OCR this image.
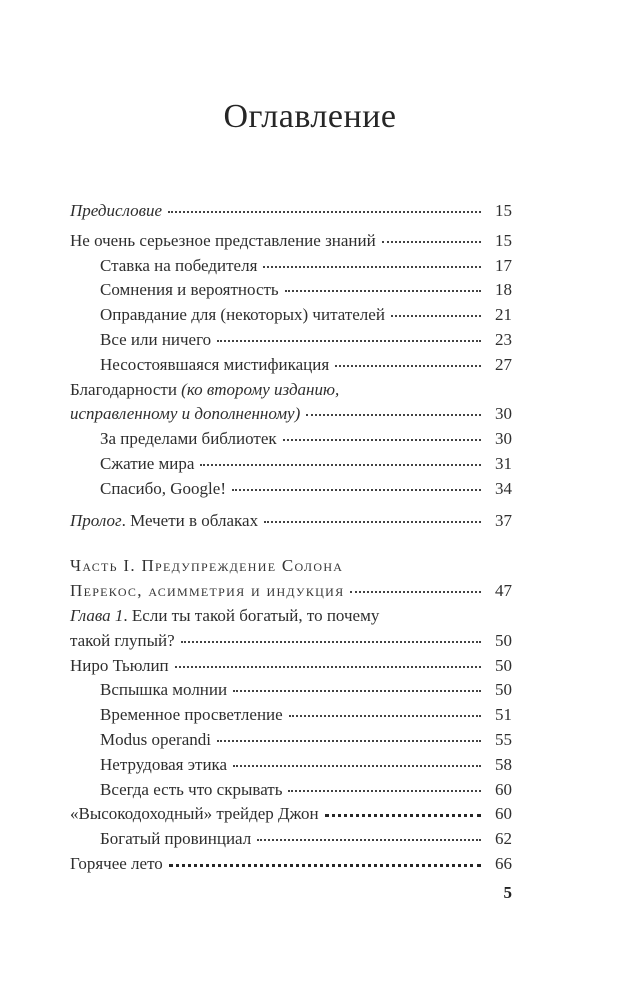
Оглавление
Предисловие	15
Не очень серьезное представление знаний	15
Ставка на победителя	17
Сомнения и вероятность	18
Оправдание для (некоторых) читателей	21
Все или ничего	23
Несостоявшаяся мистификация	27
Благодарности (ко второму изданию,
исправленному и дополненному)	30
За пределами библиотек	30
Сжатие мира	31
Спасибо, Google!	34
Пролог. Мечети в облаках	37
Часть I. Предупреждение Солона
Перекос, асимметрия и индукция	47
Глава 1. Если ты такой богатый, то почему
такой глупый?	50
Ниро Тьюлип	50
Вспышка молнии	50
Временное просветление	51
Modus operandi	55
Нетрудовая этика	58
Всегда есть что скрывать	60
«Высокодоходный» трейдер Джон	60
Богатый провинциал	62
Горячее лето	66
5
